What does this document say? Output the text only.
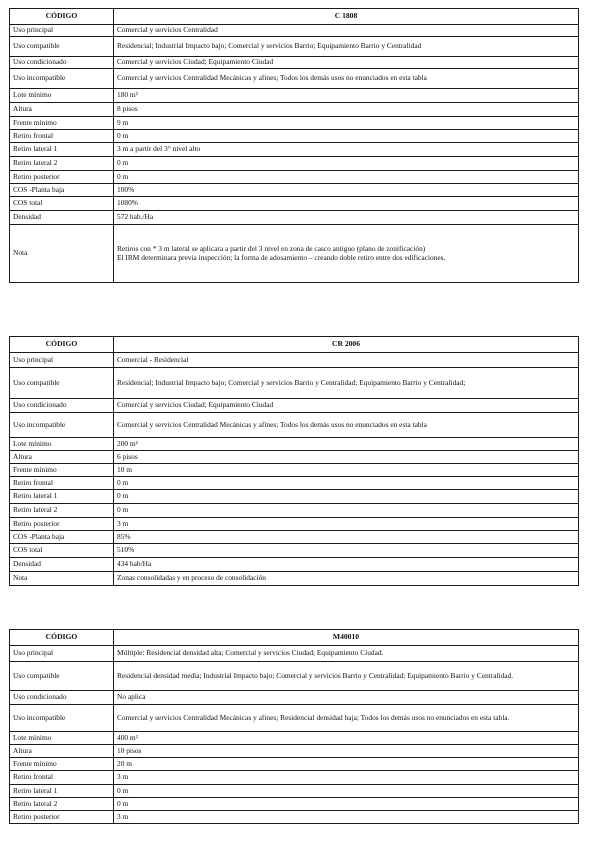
CÓDIGO	C 1808
Uso principal	Comercial y servicios Centralidad
Uso compatible	Residencial; Industrial Impacto bajo; Comercial y servicios Barrio; Equipamiento Barrio y Centralidad
Uso condicionado	Comercial y servicios Ciudad; Equipamiento Ciudad
Uso incompatible	Comercial y servicios Centralidad Mecánicas y afines; Todos los demás usos no enunciados en esta tabla
Lote mínimo	180 m²
Altura	8 pisos
Frente mínimo	9 m
Retiro frontal	0 m
Retiro lateral 1	3 m a partir del 3° nivel alto
Retiro lateral 2	0 m
Retiro posterior	0 m
COS -Planta baja	100%
COS total	1080%
Densidad	572 hab./Ha
Nota	Retiros con * 3 m lateral se aplicara a partir del 3 nivel en zona de casco antiguo (plano de zonificación)
El IRM determinara previa inspección; la forma de adosamiento – creando doble retiro entre dos edificaciones.
CÓDIGO	CR 2006
Uso principal	Comercial - Residencial
Uso compatible	Residencial; Industrial Impacto bajo; Comercial y servicios Barrio y Centralidad; Equipamiento Barrio y Centralidad;
Uso condicionado	Comercial y servicios Ciudad; Equipamiento Ciudad
Uso incompatible	Comercial y servicios Centralidad Mecánicas y afines; Todos los demás usos no enunciados en esta tabla
Lote mínimo	200 m²
Altura	6 pisos
Frente mínimo	10 m
Retiro frontal	0 m
Retiro lateral 1	0 m
Retiro lateral 2	0 m
Retiro posterior	3 m
COS -Planta baja	85%
COS total	510%
Densidad	434 hab/Ha
Nota	Zonas consolidadas y en proceso de consolidación
CÓDIGO	M40010
Uso principal	Múltiple: Residencial densidad alta; Comercial y servicios Ciudad; Equipamiento Ciudad.
Uso compatible	Residencial densidad media; Industrial Impacto bajo; Comercial y servicios Barrio y Centralidad; Equipamiento Barrio y Centralidad.
Uso condicionado	No aplica
Uso incompatible	Comercial y servicios Centralidad Mecánicas y afines; Residencial densidad baja; Todos los demás usos no enunciados en esta tabla.
Lote mínimo	400 m²
Altura	10 pisos
Frente mínimo	20 m
Retiro frontal	3 m
Retiro lateral 1	0 m
Retiro lateral 2	0 m
Retiro posterior	3 m
